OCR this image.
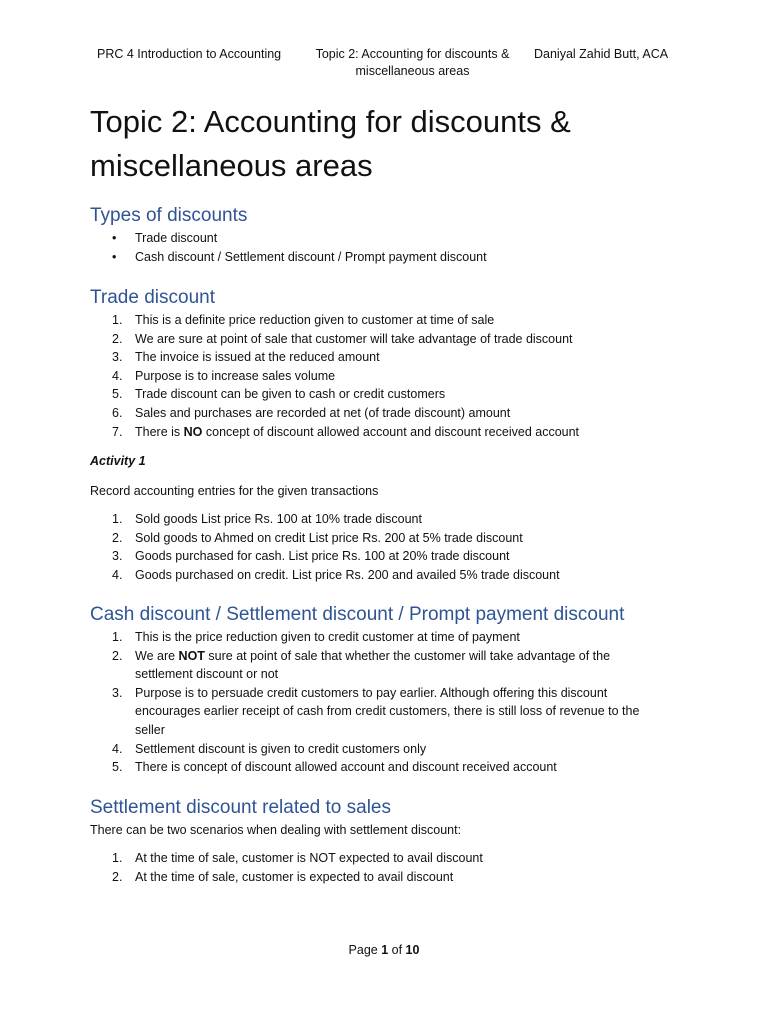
PRC 4 Introduction to Accounting	Topic 2: Accounting for discounts & miscellaneous areas
Daniyal Zahid Butt, ACA
Topic 2: Accounting for discounts & miscellaneous areas
Types of discounts
• Trade discount
• Cash discount / Settlement discount / Prompt payment discount
Trade discount
1. This is a definite price reduction given to customer at time of sale
2. We are sure at point of sale that customer will take advantage of trade discount
3. The invoice is issued at the reduced amount
4. Purpose is to increase sales volume
5. Trade discount can be given to cash or credit customers
6. Sales and purchases are recorded at net (of trade discount) amount
7. There is NO concept of discount allowed account and discount received account
Activity 1
Record accounting entries for the given transactions
1. Sold goods List price Rs. 100 at 10% trade discount
2. Sold goods to Ahmed on credit List price Rs. 200 at 5% trade discount
3. Goods purchased for cash. List price Rs. 100 at 20% trade discount
4. Goods purchased on credit. List price Rs. 200 and availed 5% trade discount
Cash discount / Settlement discount / Prompt payment discount
1. This is the price reduction given to credit customer at time of payment
2. We are NOT sure at point of sale that whether the customer will take advantage of the settlement discount or not
3. Purpose is to persuade credit customers to pay earlier. Although offering this discount encourages earlier receipt of cash from credit customers, there is still loss of revenue to the seller
4. Settlement discount is given to credit customers only
5. There is concept of discount allowed account and discount received account
Settlement discount related to sales
There can be two scenarios when dealing with settlement discount:
1. At the time of sale, customer is NOT expected to avail discount
2. At the time of sale, customer is expected to avail discount
Page 1 of 10
